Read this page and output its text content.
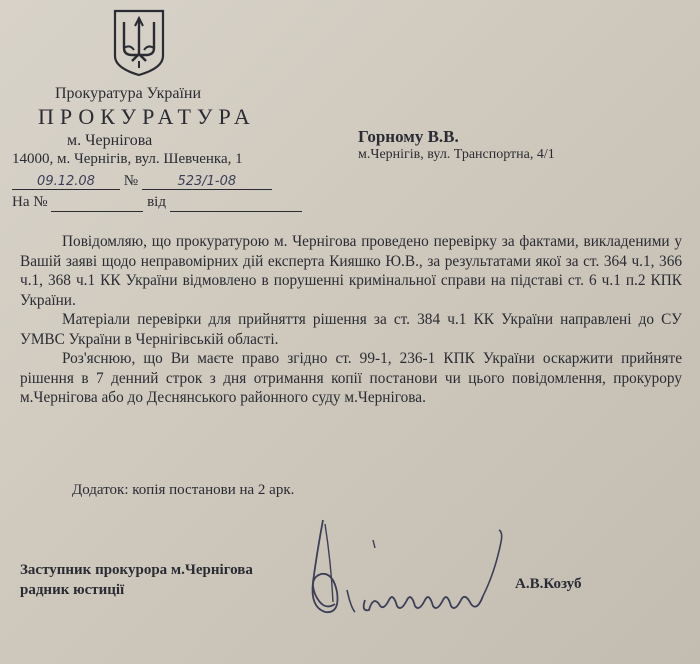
Прокуратура України
ПРОКУРАТУРА
м. Чернігова
14000, м. Чернігів, вул. Шевченка, 1
Горному В.В.
м.Чернігів, вул. Транспортна, 4/1
09.12.08 №	523/1-08
На №	від

Повідомляю, що прокуратурою м. Чернігова проведено перевірку за фактами, викладеними у Вашій заяві щодо неправомірних дій експерта Кияшко Ю.В., за результатами якої за ст. 364 ч.1, 366 ч.1, 368 ч.1 КК України відмовлено в порушенні кримінальної справи на підставі ст. 6 ч.1 п.2 КПК України.

Матеріали перевірки для прийняття рішення за ст. 384 ч.1 КК України направлені до СУ УМВС України в Чернігівській області.

Роз'яснюю, що Ви маєте право згідно ст. 99-1, 236-1 КПК України оскаржити прийняте рішення в 7 денний строк з дня отримання копії постанови чи цього повідомлення, прокурору м.Чернігова або до Деснянського районного суду м.Чернігова.

Додаток: копія постанови на 2 арк.
Заступник прокурора м.Чернігова
радник юстиції	А.В.Козуб
